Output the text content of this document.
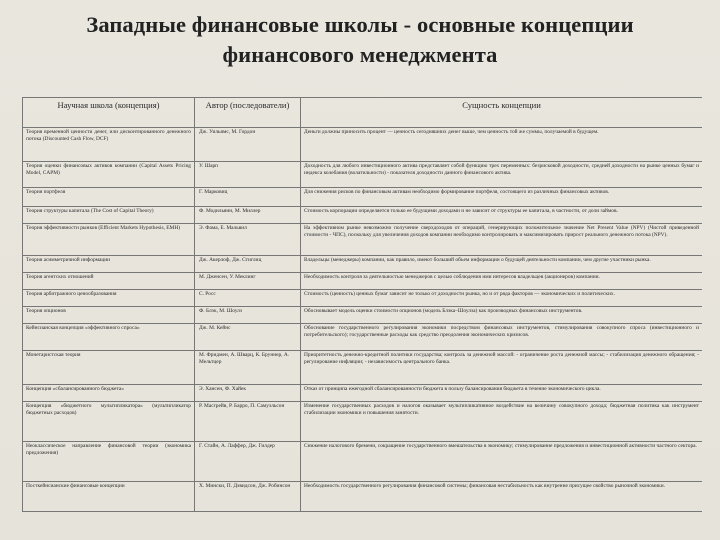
Западные финансовые школы - основные концепции
финансового менеджмента
Научная школа (концепция)	Автор (последователи)	Сущность концепции
Теория временной ценности денег, или дисконтированного денежного потока (Discounted Cash Flow, DCF)	Дж. Уильямс, М. Гордон	Деньги должны приносить процент — ценность сегодняшних денег выше, чем ценность той же суммы, получаемой в будущем.
Теория оценки финансовых активов компании (Capital Assets Pricing Model, CAPM)	У. Шарп	Доходность для любого инвестиционного актива представляет собой функцию трех переменных: безрисковой доходности, средней доходности на рынке ценных бумаг и индекса колебания (волатильности) - показателя доходности данного финансового актива.
Теория портфеля	Г. Марковиц	Для снижения рисков по финансовым активам необходимо формирование портфеля, состоящего из различных финансовых активов.
Теория структуры капитала (The Cost of Capital Theory)	Ф. Модильяни, М. Миллер	Стоимость корпорации определяется только ее будущими доходами и не зависит от структуры ее капитала, в частности, от доли займов.
Теория эффективности рынков (Efficient Markets Hypothesis, EMH)	Э. Фама, Е. Мальвил	На эффективном рынке невозможно получение сверхдоходов от операций, генерирующих положительное значение Net Present Value (NPV) (Чистой приведенной стоимости - ЧПС), поскольку для увеличения доходов компании необходимо контролировать и максимизировать прирост реального денежного потока (NPV).
Теория асимметричной информации	Дж. Акерлоф, Дж. Стиглиц	Владельцы (менеджеры) компании, как правило, имеют больший объем информации о будущей деятельности компании, чем другие участники рынка.
Теория агентских отношений	М. Дженсен, У. Меклинг	Необходимость контроля за деятельностью менеджеров с целью соблюдения ими интересов владельцев (акционеров) компании.
Теория арбитражного ценообразования	С. Росс	Стоимость (ценность) ценных бумаг зависит не только от доходности рынка, но и от ряда факторов — экономических и политических.
Теория опционов	Ф. Блэк, М. Шоулз	Обосновывает модель оценки стоимости опционов (модель Блэка–Шоулза) как производных финансовых инструментов.
Кейнсианская концепция «эффективного спроса»	Дж. М. Кейнс	Обоснование государственного регулирования экономики посредством финансовых инструментов, стимулирования совокупного спроса (инвестиционного и потребительского); государственные расходы как средство преодоления экономических кризисов.
Монетаристская теория	М. Фридмен, А. Шварц, К. Бруннер, А. Мельтцер	Приоритетность денежно-кредитной политики государства; контроль за денежной массой: - ограничение роста денежной массы; - стабилизация денежного обращения; - регулирование инфляции; - независимость центрального банка.
Концепция «сбалансированного бюджета»	Э. Хансен, Ф. Хайек	Отказ от принципа ежегодной сбалансированности бюджета в пользу балансирования бюджета в течение экономического цикла.
Концепция «бюджетного мультипликатора» (мультипликатор бюджетных расходов)	Р. Масгрейв, Р. Барро, П. Самуэльсон	Изменение государственных расходов и налогов оказывает мультипликативное воздействие на величину совокупного дохода; бюджетная политика как инструмент стабилизации экономики и повышения занятости.
Неоклассическое направление финансовой теории (экономика предложения)	Г. Стайн, А. Лаффер, Дж. Гилдер	Снижение налогового бремени, сокращение государственного вмешательства в экономику; стимулирование предложения и инвестиционной активности частного сектора.
Посткейнсианские финансовые концепции	Х. Мински, П. Дэвидсон, Дж. Робинсон	Необходимость государственного регулирования финансовой системы; финансовая нестабильность как внутренне присущее свойство рыночной экономики.
